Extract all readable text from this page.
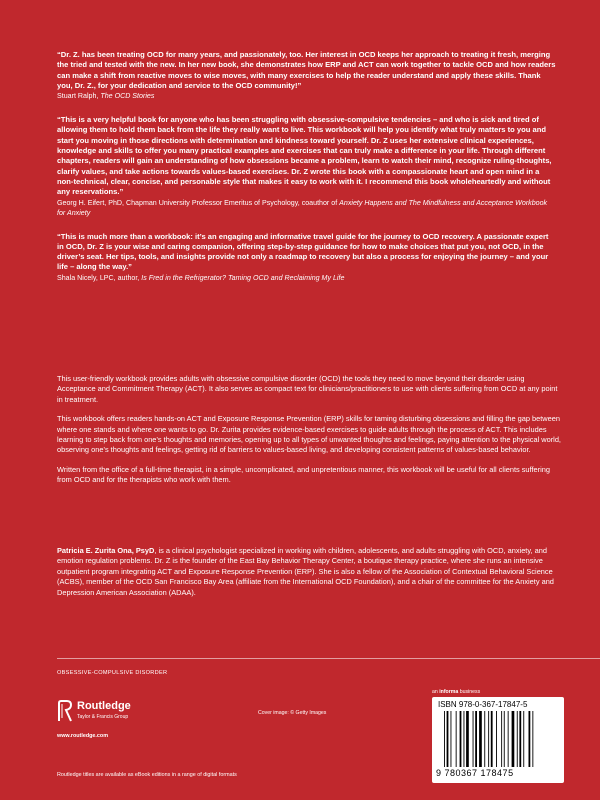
“Dr. Z. has been treating OCD for many years, and passionately, too. Her interest in OCD keeps her approach to treating it fresh, merging the tried and tested with the new. In her new book, she demonstrates how ERP and ACT can work together to tackle OCD and how readers can make a shift from reactive moves to wise moves, with many exercises to help the reader understand and apply these skills. Thank you, Dr. Z., for your dedication and service to the OCD community!”

Stuart Ralph, The OCD Stories

“This is a very helpful book for anyone who has been struggling with obsessive-compulsive tendencies – and who is sick and tired of allowing them to hold them back from the life they really want to live. This workbook will help you identify what truly matters to you and start you moving in those directions with determination and kindness toward yourself. Dr. Z uses her extensive clinical experiences, knowledge and skills to offer you many practical examples and exercises that can truly make a difference in your life. Through different chapters, readers will gain an understanding of how obsessions became a problem, learn to watch their mind, recognize ruling-thoughts, clarify values, and take actions towards values-based exercises. Dr. Z wrote this book with a compassionate heart and open mind in a non-technical, clear, concise, and personable style that makes it easy to work with it. I recommend this book wholeheartedly and without any reservations.”

Georg H. Eifert, PhD, Chapman University Professor Emeritus of Psychology, coauthor of Anxiety Happens and The Mindfulness and Acceptance Workbook for Anxiety

“This is much more than a workbook: it’s an engaging and informative travel guide for the journey to OCD recovery. A passionate expert in OCD, Dr. Z is your wise and caring companion, offering step-by-step guidance for how to make choices that put you, not OCD, in the driver’s seat. Her tips, tools, and insights provide not only a roadmap to recovery but also a process for enjoying the journey – and your life – along the way.”

Shala Nicely, LPC, author, Is Fred in the Refrigerator? Taming OCD and Reclaiming My Life

This user-friendly workbook provides adults with obsessive compulsive disorder (OCD) the tools they need to move beyond their disorder using Acceptance and Commitment Therapy (ACT). It also serves as compact text for clinicians/practitioners to use with clients suffering from OCD at any point in treatment.

This workbook offers readers hands-on ACT and Exposure Response Prevention (ERP) skills for taming disturbing obsessions and filling the gap between where one stands and where one wants to go. Dr. Zurita provides evidence-based exercises to guide adults through the process of ACT. This includes learning to step back from one’s thoughts and memories, opening up to all types of unwanted thoughts and feelings, paying attention to the physical world, observing one’s thoughts and feelings, getting rid of barriers to values-based living, and developing consistent patterns of values-based behavior.

Written from the office of a full-time therapist, in a simple, uncomplicated, and unpretentious manner, this workbook will be useful for all clients suffering from OCD and for the therapists who work with them.

Patricia E. Zurita Ona, PsyD, is a clinical psychologist specialized in working with children, adolescents, and adults struggling with OCD, anxiety, and emotion regulation problems. Dr. Z is the founder of the East Bay Behavior Therapy Center, a boutique therapy practice, where she runs an intensive outpatient program integrating ACT and Exposure Response Prevention (ERP). She is also a fellow of the Association of Contextual Behavioral Science (ACBS), member of the OCD San Francisco Bay Area (affiliate from the International OCD Foundation), and a chair of the committee for the Anxiety and Depression American Association (ADAA).

OBSESSIVE-COMPULSIVE DISORDER
Routledge
Taylor & Francis Group
www.routledge.com
Routledge titles are available as eBook editions in a range of digital formats
Cover image: © Getty Images
an informa business
ISBN 978-0-367-17847-5
9 780367 178475
